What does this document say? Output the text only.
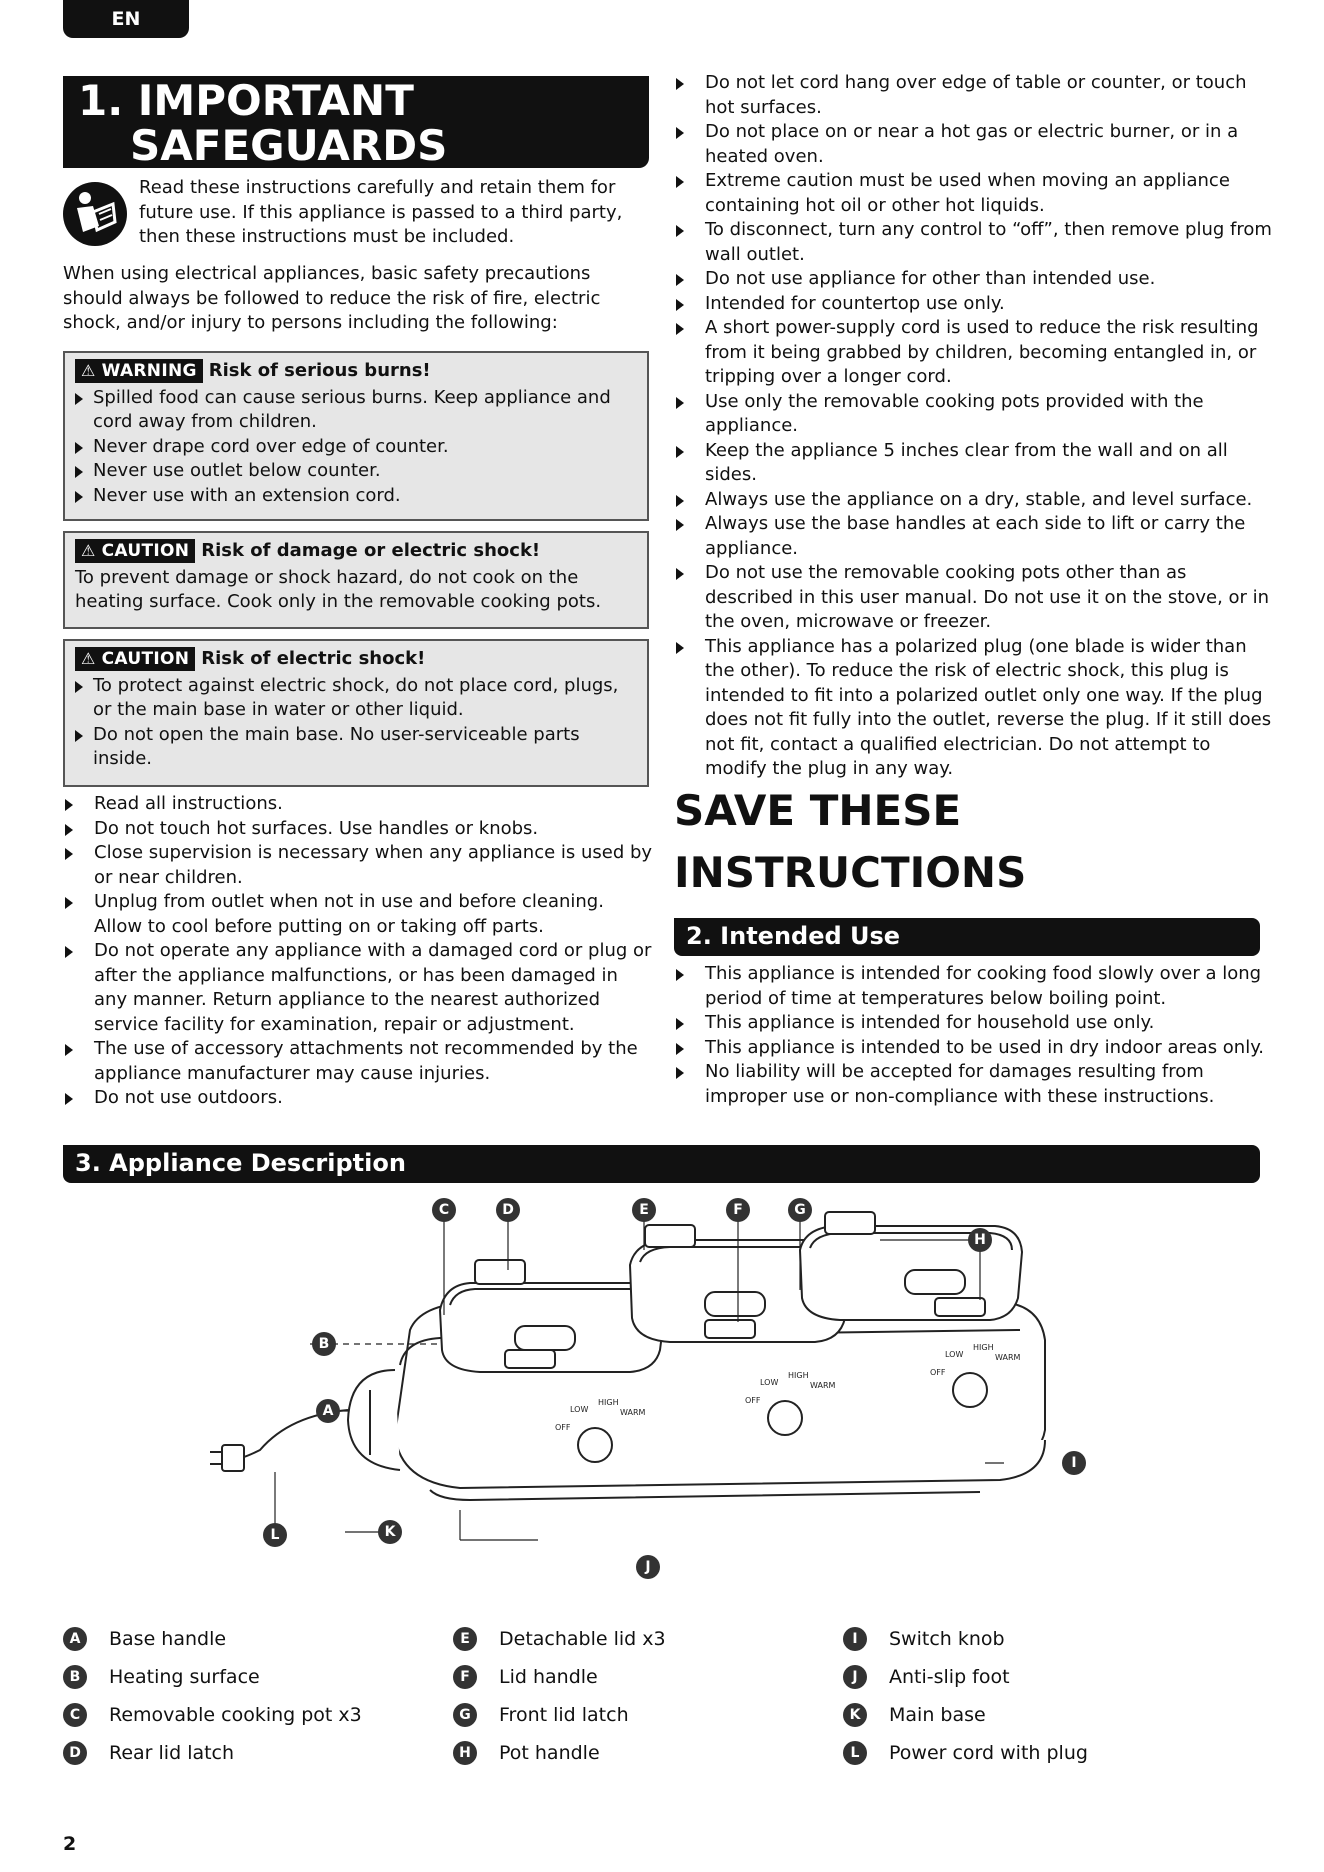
EN
1. IMPORTANT
SAFEGUARDS
Read these instructions carefully and retain them for future use. If this appliance is passed to a third party, then these instructions must be included.
When using electrical appliances, basic safety precautions should always be followed to reduce the risk of fire, electric shock, and/or injury to persons including the following:
⚠ WARNING Risk of serious burns!
Spilled food can cause serious burns. Keep appliance and cord away from children.
Never drape cord over edge of counter.
Never use outlet below counter.
Never use with an extension cord.
⚠ CAUTION Risk of damage or electric shock!
To prevent damage or shock hazard, do not cook on the heating surface. Cook only in the removable cooking pots.
⚠ CAUTION Risk of electric shock!
To protect against electric shock, do not place cord, plugs, or the main base in water or other liquid.
Do not open the main base. No user-serviceable parts inside.
Read all instructions.
Do not touch hot surfaces. Use handles or knobs.
Close supervision is necessary when any appliance is used by or near children.
Unplug from outlet when not in use and before cleaning. Allow to cool before putting on or taking off parts.
Do not operate any appliance with a damaged cord or plug or after the appliance malfunctions, or has been damaged in any manner. Return appliance to the nearest authorized service facility for examination, repair or adjustment.
The use of accessory attachments not recommended by the appliance manufacturer may cause injuries.
Do not use outdoors.
Do not let cord hang over edge of table or counter, or touch hot surfaces.
Do not place on or near a hot gas or electric burner, or in a heated oven.
Extreme caution must be used when moving an appliance containing hot oil or other hot liquids.
To disconnect, turn any control to “off”, then remove plug from wall outlet.
Do not use appliance for other than intended use.
Intended for countertop use only.
A short power-supply cord is used to reduce the risk resulting from it being grabbed by children, becoming entangled in, or tripping over a longer cord.
Use only the removable cooking pots provided with the appliance.
Keep the appliance 5 inches clear from the wall and on all sides.
Always use the appliance on a dry, stable, and level surface.
Always use the base handles at each side to lift or carry the appliance.
Do not use the removable cooking pots other than as described in this user manual. Do not use it on the stove, or in the oven, microwave or freezer.
This appliance has a polarized plug (one blade is wider than the other). To reduce the risk of electric shock, this plug is intended to fit into a polarized outlet only one way. If the plug does not fit fully into the outlet, reverse the plug. If it still does not fit, contact a qualified electrician. Do not attempt to modify the plug in any way.
SAVE THESE
INSTRUCTIONS
2. Intended Use
This appliance is intended for cooking food slowly over a long period of time at temperatures below boiling point.
This appliance is intended for household use only.
This appliance is intended to be used in dry indoor areas only.
No liability will be accepted for damages resulting from improper use or non-compliance with these instructions.
3. Appliance Description
OFF
LOW
HIGH
WARM
OFF
LOW
HIGH
WARM
OFF
LOW
HIGH
WARM
C	D	E	F	G
H
B
A
I
J
K
L
A	Base handle
B	Heating surface
C	Removable cooking pot x3
D	Rear lid latch
E	Detachable lid x3
F	Lid handle
G	Front lid latch
H	Pot handle
I	Switch knob
J	Anti-slip foot
K	Main base
L	Power cord with plug
2
